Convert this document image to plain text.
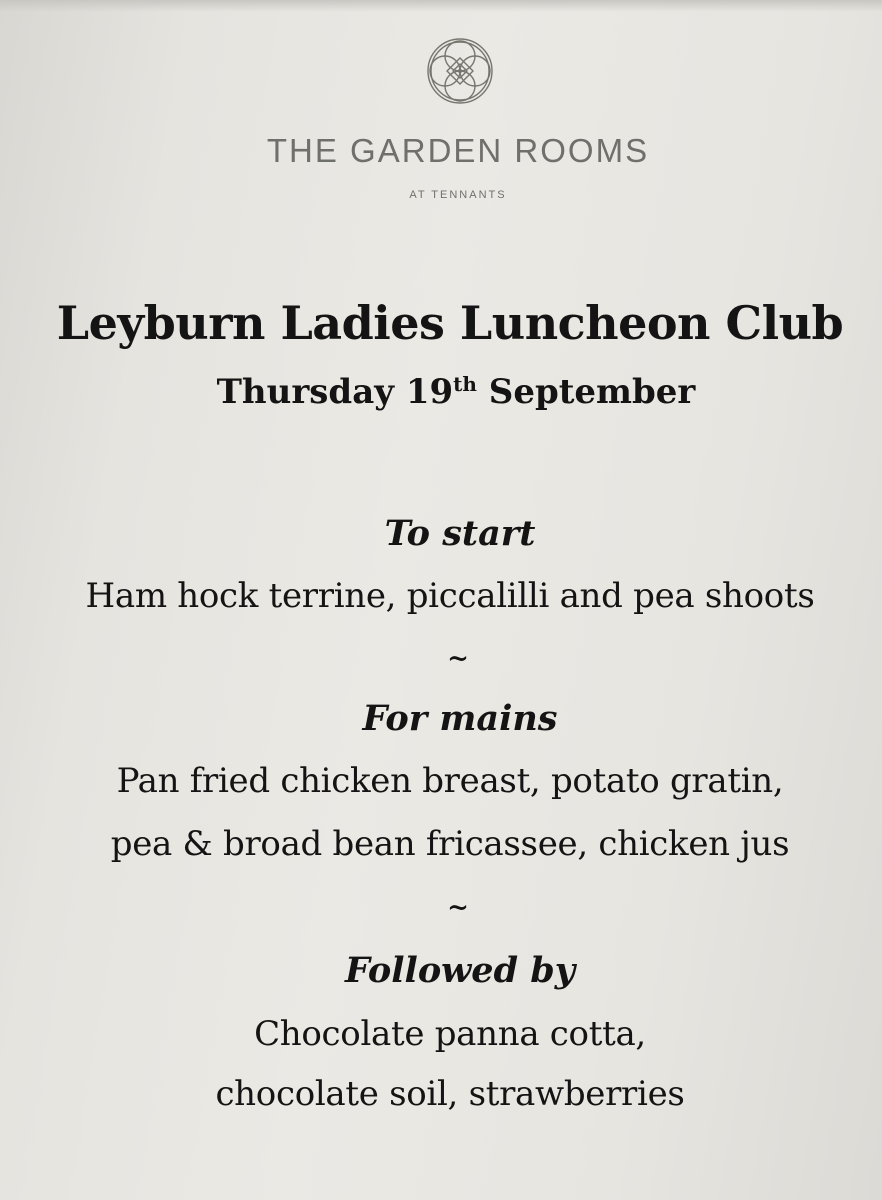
THE GARDEN ROOMS
AT TENNANTS
Leyburn Ladies Luncheon Club
Thursday 19th September
To start
Ham hock terrine, piccalilli and pea shoots
~
For mains
Pan fried chicken breast, potato gratin,
pea & broad bean fricassee, chicken jus
~
Followed by
Chocolate panna cotta,
chocolate soil, strawberries
